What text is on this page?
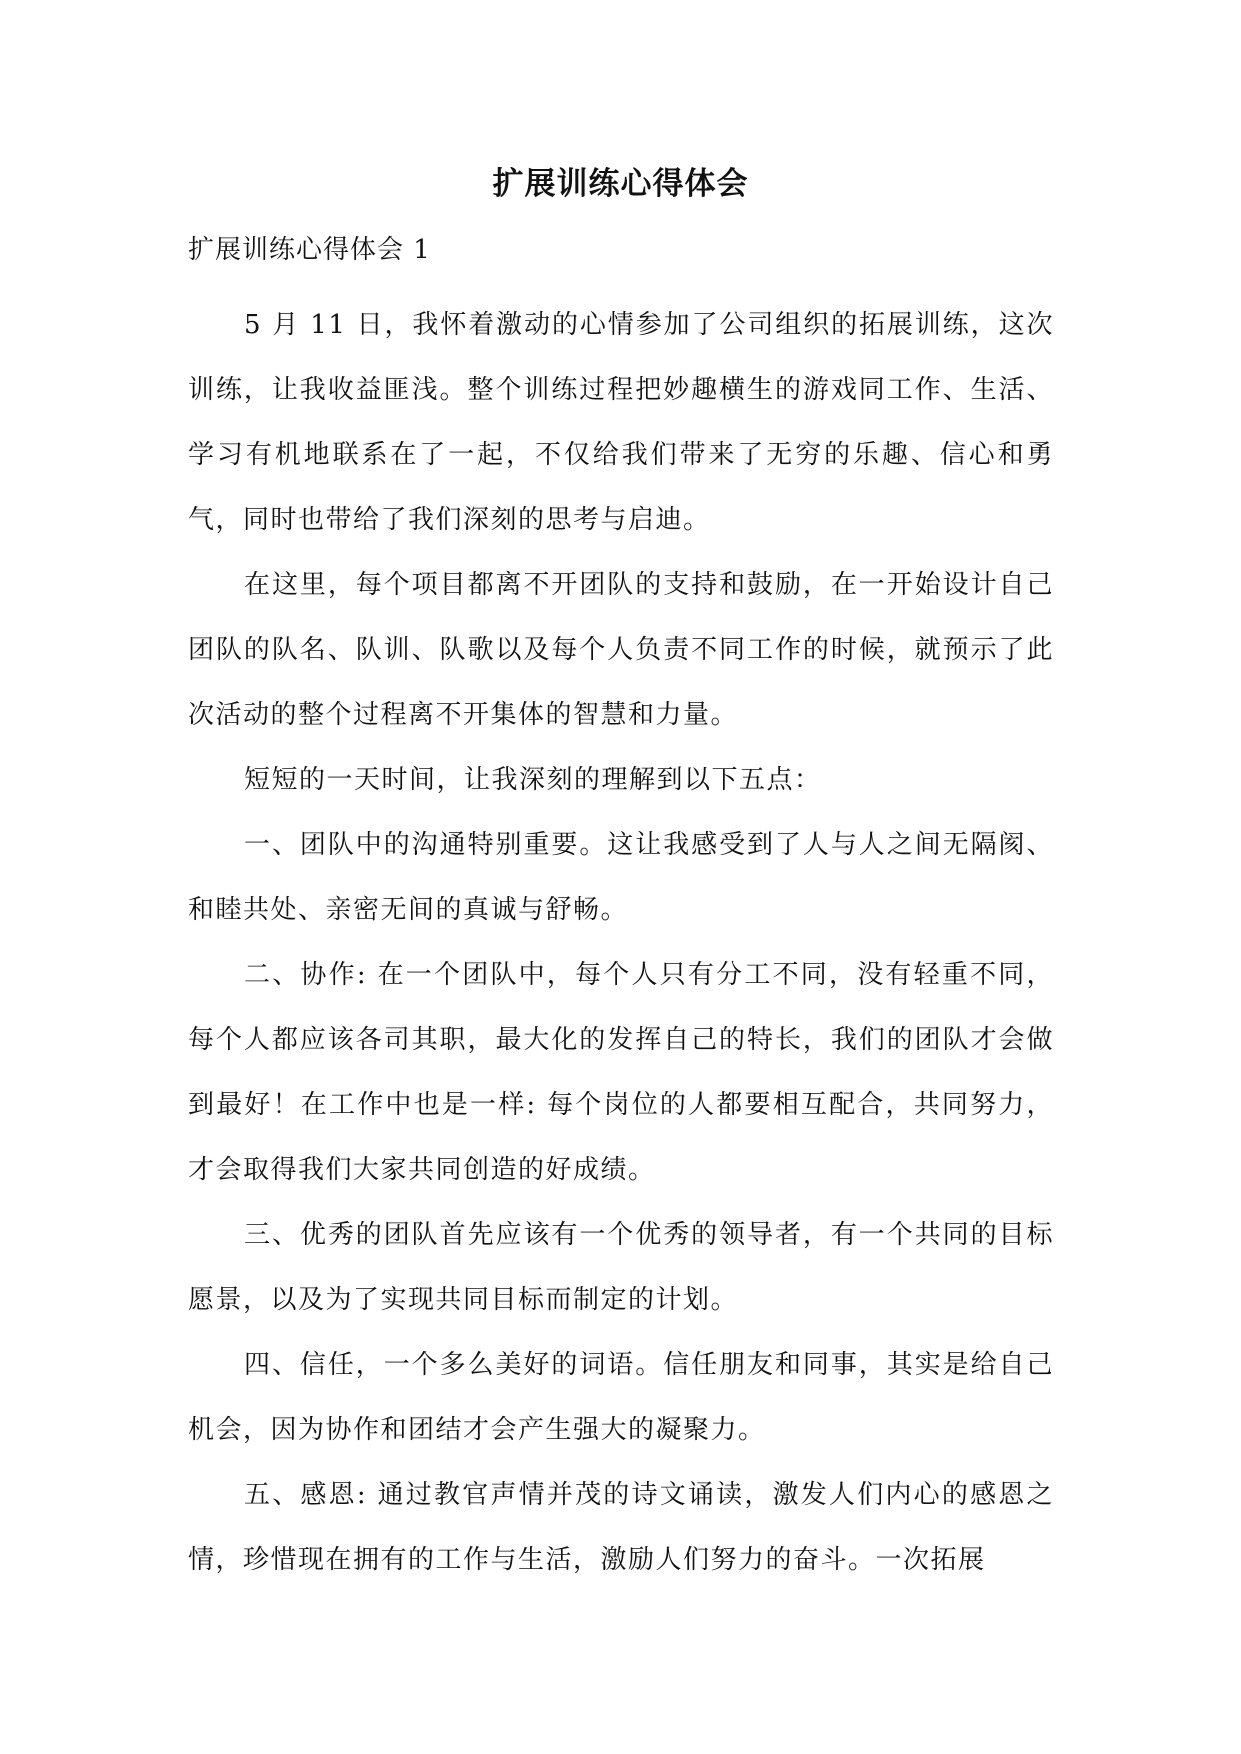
扩展训练心得体会

扩展训练心得体会 1

5 月 11 日，我怀着激动的心情参加了公司组织的拓展训练，这次训练，让我收益匪浅。整个训练过程把妙趣横生的游戏同工作、生活、学习有机地联系在了一起，不仅给我们带来了无穷的乐趣、信心和勇气，同时也带给了我们深刻的思考与启迪。

在这里，每个项目都离不开团队的支持和鼓励，在一开始设计自己团队的队名、队训、队歌以及每个人负责不同工作的时候，就预示了此次活动的整个过程离不开集体的智慧和力量。

短短的一天时间，让我深刻的理解到以下五点：

一、团队中的沟通特别重要。这让我感受到了人与人之间无隔阂、和睦共处、亲密无间的真诚与舒畅。

二、协作: 在一个团队中，每个人只有分工不同，没有轻重不同，每个人都应该各司其职，最大化的发挥自己的特长，我们的团队才会做到最好！在工作中也是一样: 每个岗位的人都要相互配合，共同努力，才会取得我们大家共同创造的好成绩。

三、优秀的团队首先应该有一个优秀的领导者，有一个共同的目标愿景，以及为了实现共同目标而制定的计划。

四、信任，一个多么美好的词语。信任朋友和同事，其实是给自己机会，因为协作和团结才会产生强大的凝聚力。

五、感恩: 通过教官声情并茂的诗文诵读，激发人们内心的感恩之情，珍惜现在拥有的工作与生活，激励人们努力的奋斗。一次拓展
